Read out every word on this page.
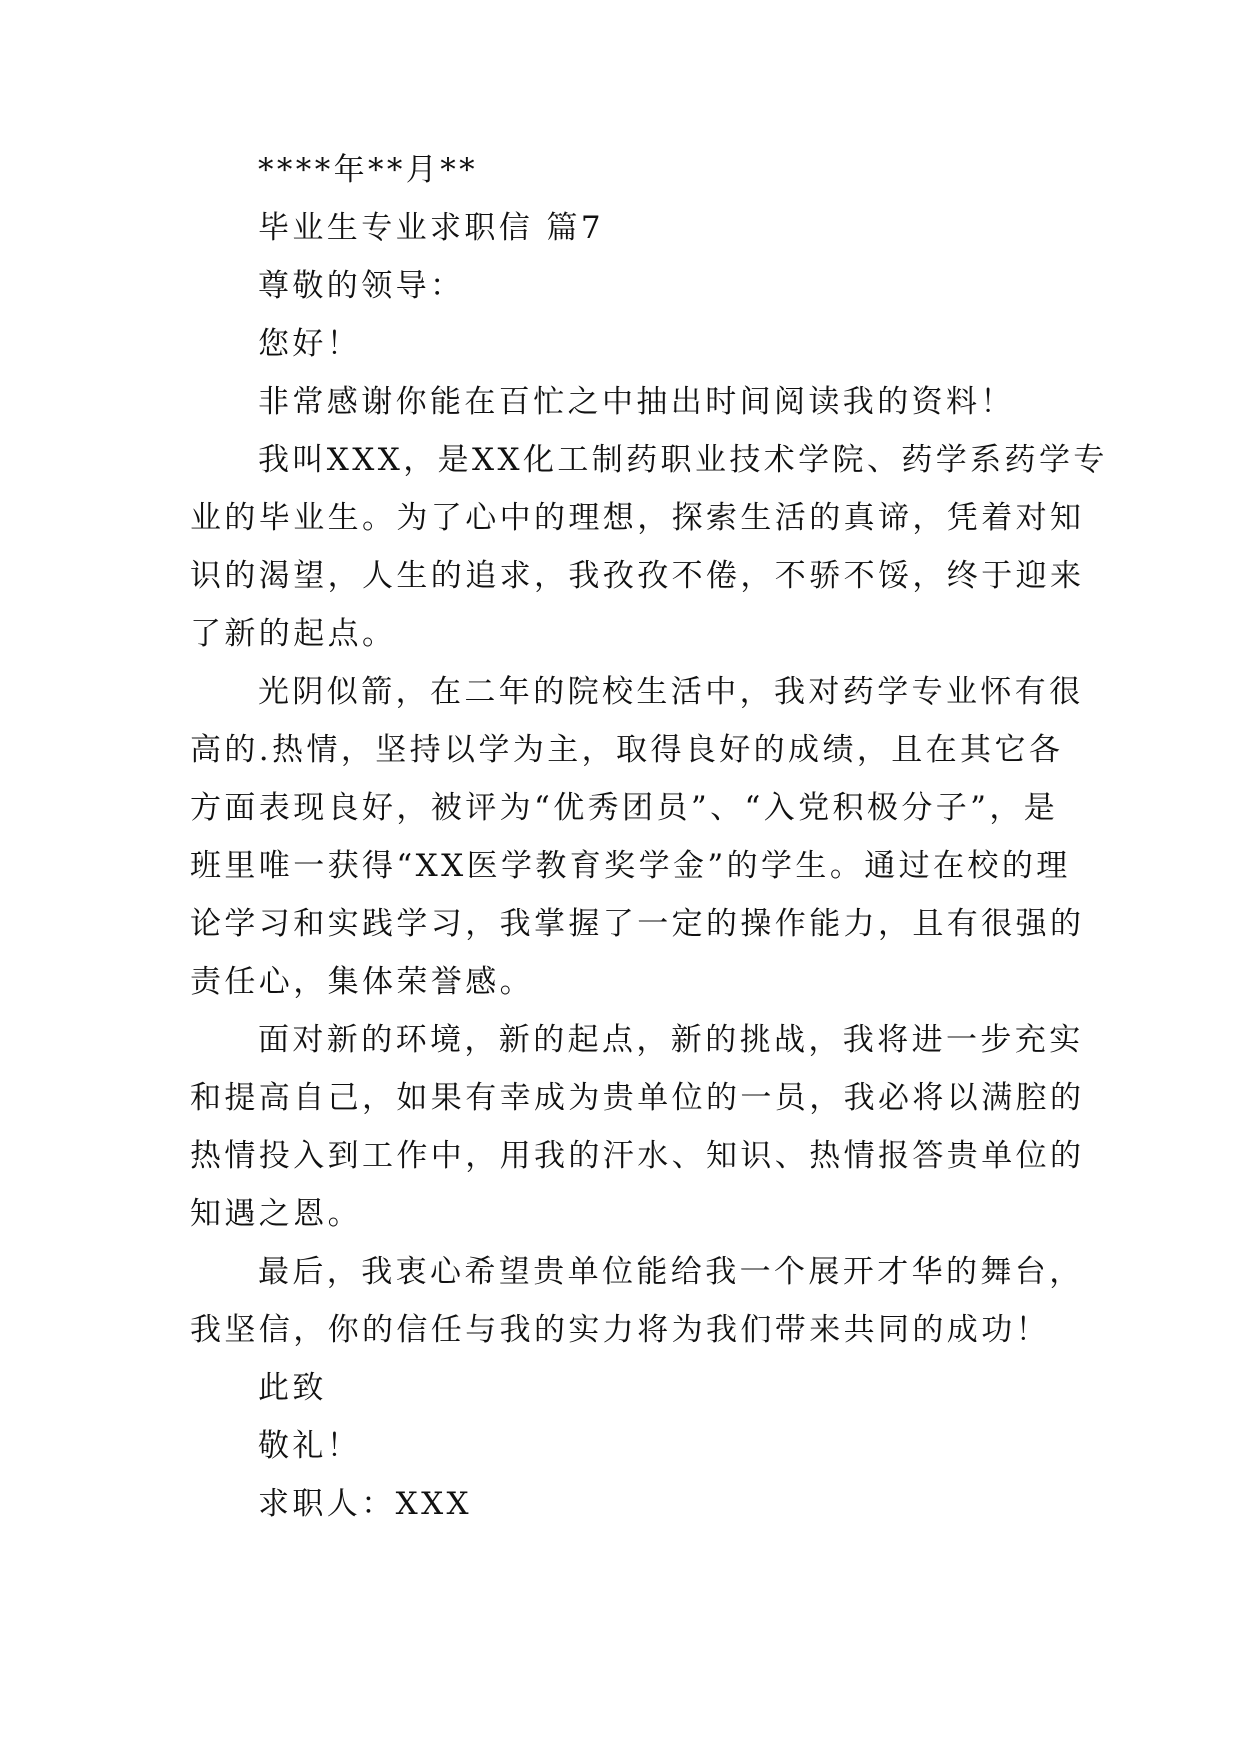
****年**月**
毕业生专业求职信 篇7
尊敬的领导：
您好！
非常感谢你能在百忙之中抽出时间阅读我的资料！
我叫XXX，是XX化工制药职业技术学院、药学系药学专
业的毕业生。为了心中的理想，探索生活的真谛，凭着对知
识的渴望，人生的追求，我孜孜不倦，不骄不馁，终于迎来
了新的起点。
光阴似箭，在二年的院校生活中，我对药学专业怀有很
高的.热情，坚持以学为主，取得良好的成绩，且在其它各
方面表现良好，被评为“优秀团员”、“入党积极分子”，是
班里唯一获得“XX医学教育奖学金”的学生。通过在校的理
论学习和实践学习，我掌握了一定的操作能力，且有很强的
责任心，集体荣誉感。
面对新的环境，新的起点，新的挑战，我将进一步充实
和提高自己，如果有幸成为贵单位的一员，我必将以满腔的
热情投入到工作中，用我的汗水、知识、热情报答贵单位的
知遇之恩。
最后，我衷心希望贵单位能给我一个展开才华的舞台，
我坚信，你的信任与我的实力将为我们带来共同的成功！
此致
敬礼！
求职人：XXX
